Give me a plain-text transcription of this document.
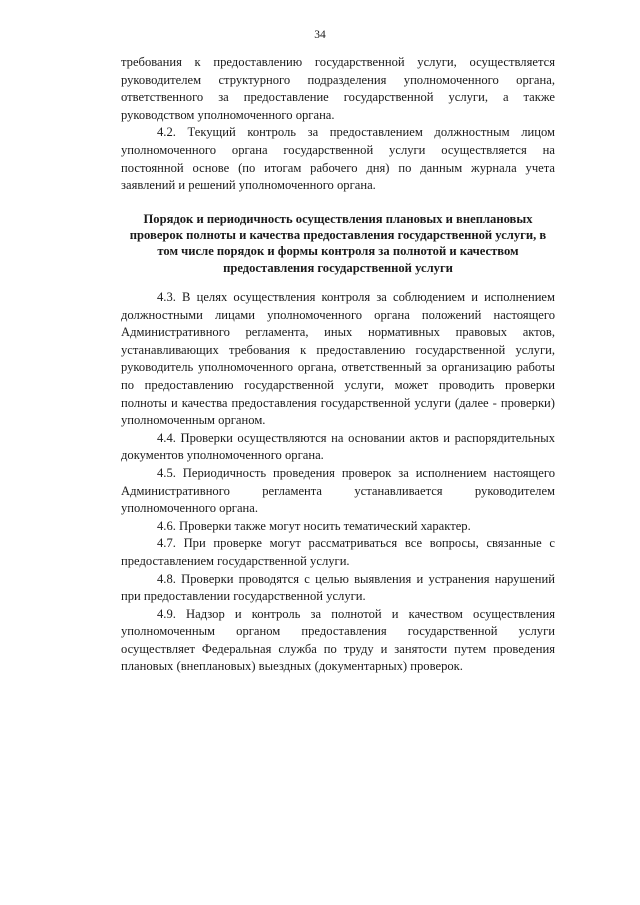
34

требования к предоставлению государственной услуги, осуществляется руководителем структурного подразделения уполномоченного органа, ответственного за предоставление государственной услуги, а также руководством уполномоченного органа.

4.2. Текущий контроль за предоставлением должностным лицом уполномоченного органа государственной услуги осуществляется на постоянной основе (по итогам рабочего дня) по данным журнала учета заявлений и решений уполномоченного органа.

Порядок и периодичность осуществления плановых и внеплановых проверок полноты и качества предоставления государственной услуги, в том числе порядок и формы контроля за полнотой и качеством предоставления государственной услуги

4.3. В целях осуществления контроля за соблюдением и исполнением должностными лицами уполномоченного органа положений настоящего Административного регламента, иных нормативных правовых актов, устанавливающих требования к предоставлению государственной услуги, руководитель уполномоченного органа, ответственный за организацию работы по предоставлению государственной услуги, может проводить проверки полноты и качества предоставления государственной услуги (далее - проверки) уполномоченным органом.

4.4. Проверки осуществляются на основании актов и распорядительных документов уполномоченного органа.

4.5. Периодичность проведения проверок за исполнением настоящего Административного регламента устанавливается руководителем уполномоченного органа.

4.6. Проверки также могут носить тематический характер.

4.7. При проверке могут рассматриваться все вопросы, связанные с предоставлением государственной услуги.

4.8. Проверки проводятся с целью выявления и устранения нарушений при предоставлении государственной услуги.

4.9. Надзор и контроль за полнотой и качеством осуществления уполномоченным органом предоставления государственной услуги осуществляет Федеральная служба по труду и занятости путем проведения плановых (внеплановых) выездных (документарных) проверок.
